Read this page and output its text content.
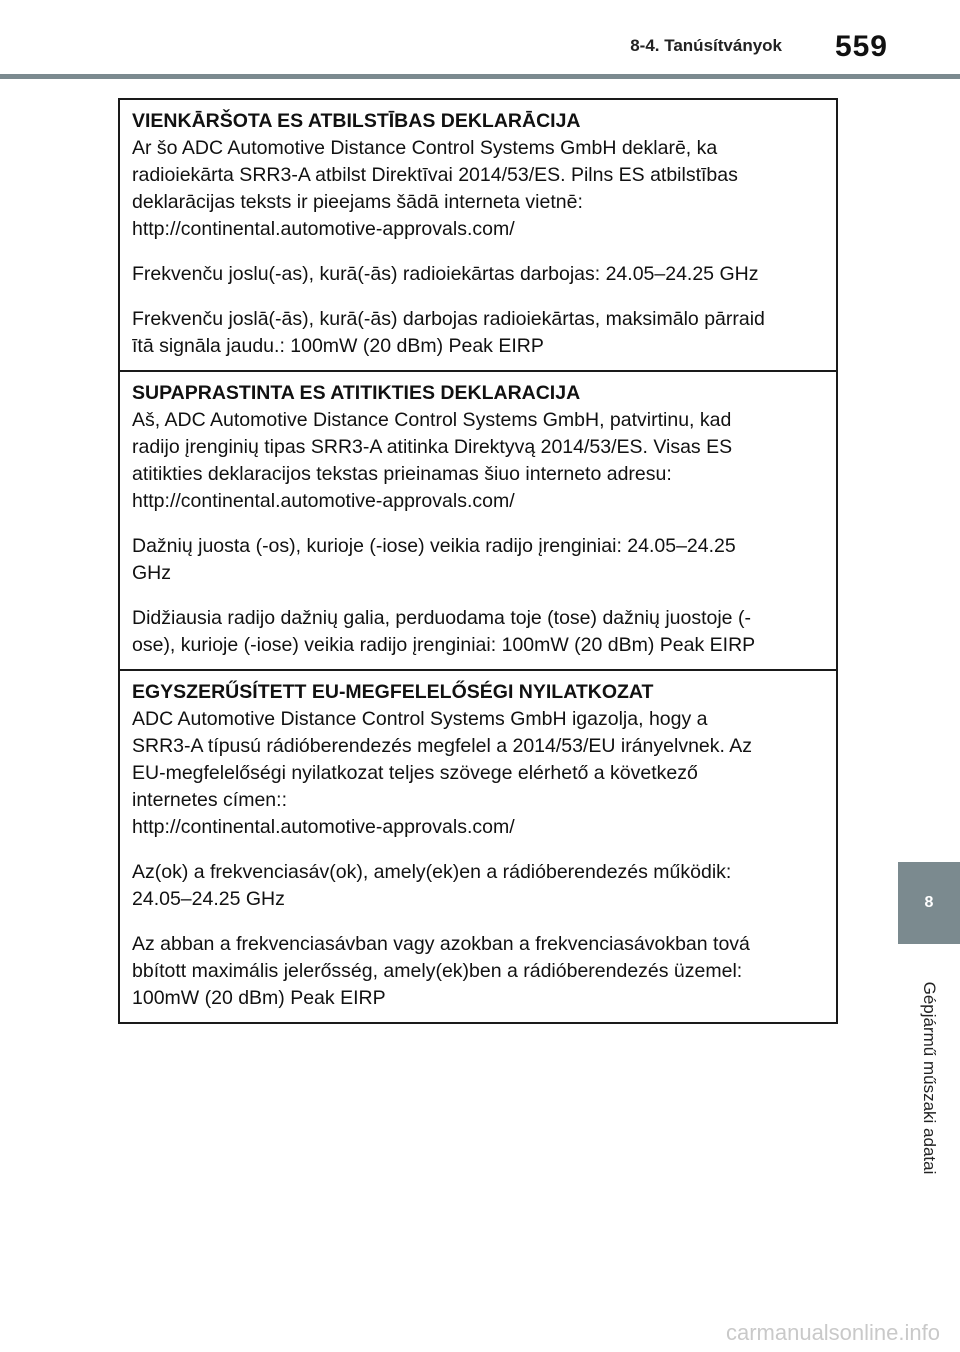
8-4. Tanúsítványok 559
VIENKĀRŠOTA ES ATBILSTĪBAS DEKLARĀCIJA
Ar šo ADC Automotive Distance Control Systems GmbH deklarē, ka
radioiekārta SRR3-A atbilst Direktīvai 2014/53/ES. Pilns ES atbilstības
deklarācijas teksts ir pieejams šādā interneta vietnē:
http://continental.automotive-approvals.com/
Frekvenču joslu(-as), kurā(-ās) radioiekārtas darbojas: 24.05–24.25 GHz
Frekvenču joslā(-ās), kurā(-ās) darbojas radioiekārtas, maksimālo pārraid
ītā signāla jaudu.: 100mW (20 dBm) Peak EIRP
SUPAPRASTINTA ES ATITIKTIES DEKLARACIJA
Aš, ADC Automotive Distance Control Systems GmbH, patvirtinu, kad
radijo įrenginių tipas SRR3-A atitinka Direktyvą 2014/53/ES. Visas ES
atitikties deklaracijos tekstas prieinamas šiuo interneto adresu:
http://continental.automotive-approvals.com/
Dažnių juosta (-os), kurioje (-iose) veikia radijo įrenginiai: 24.05–24.25
GHz
Didžiausia radijo dažnių galia, perduodama toje (tose) dažnių juostoje (-
ose), kurioje (-iose) veikia radijo įrenginiai: 100mW (20 dBm) Peak EIRP
EGYSZERŰSÍTETT EU-MEGFELELŐSÉGI NYILATKOZAT
ADC Automotive Distance Control Systems GmbH igazolja, hogy a
SRR3-A típusú rádióberendezés megfelel a 2014/53/EU irányelvnek. Az
EU-megfelelőségi nyilatkozat teljes szövege elérhető a következő
internetes címen::
http://continental.automotive-approvals.com/
Az(ok) a frekvenciasáv(ok), amely(ek)en a rádióberendezés működik:
24.05–24.25 GHz
Az abban a frekvenciasávban vagy azokban a frekvenciasávokban tová
bbított maximális jelerősség, amely(ek)ben a rádióberendezés üzemel:
100mW (20 dBm) Peak EIRP
8
Gépjármű műszaki adatai
carmanualsonline.info
